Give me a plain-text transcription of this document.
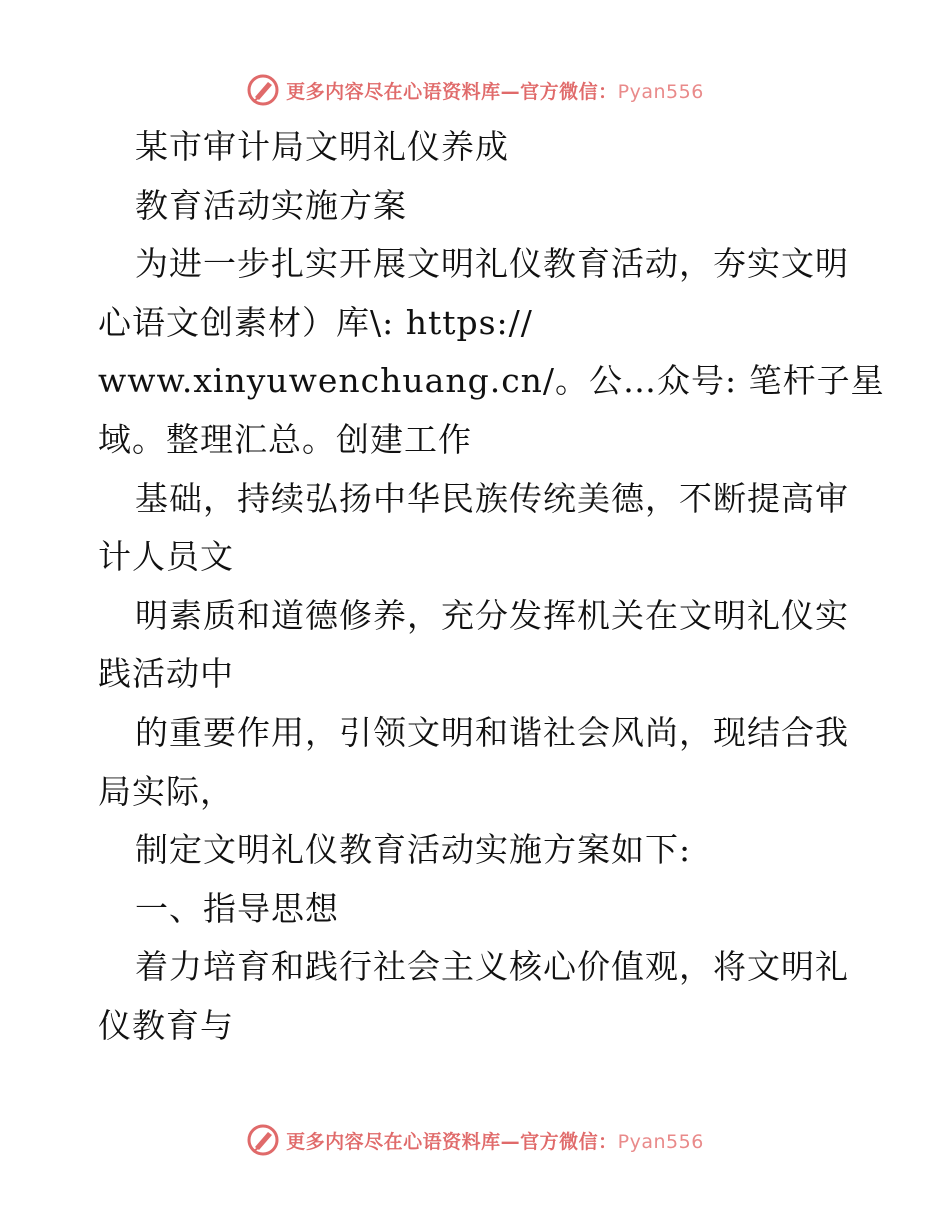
更多内容尽在心语资料库—官方微信：Pyan556
某市审计局文明礼仪养成
教育活动实施方案
为进一步扎实开展文明礼仪教育活动，夯实文明
心语文创素材）库\: https://
www.xinyuwenchuang.cn/。公…众号: 笔杆子星
域。整理汇总。创建工作
基础，持续弘扬中华民族传统美德，不断提高审
计人员文
明素质和道德修养，充分发挥机关在文明礼仪实
践活动中
的重要作用，引领文明和谐社会风尚，现结合我
局实际，
制定文明礼仪教育活动实施方案如下:
一、指导思想
着力培育和践行社会主义核心价值观，将文明礼
仪教育与
更多内容尽在心语资料库—官方微信：Pyan556
